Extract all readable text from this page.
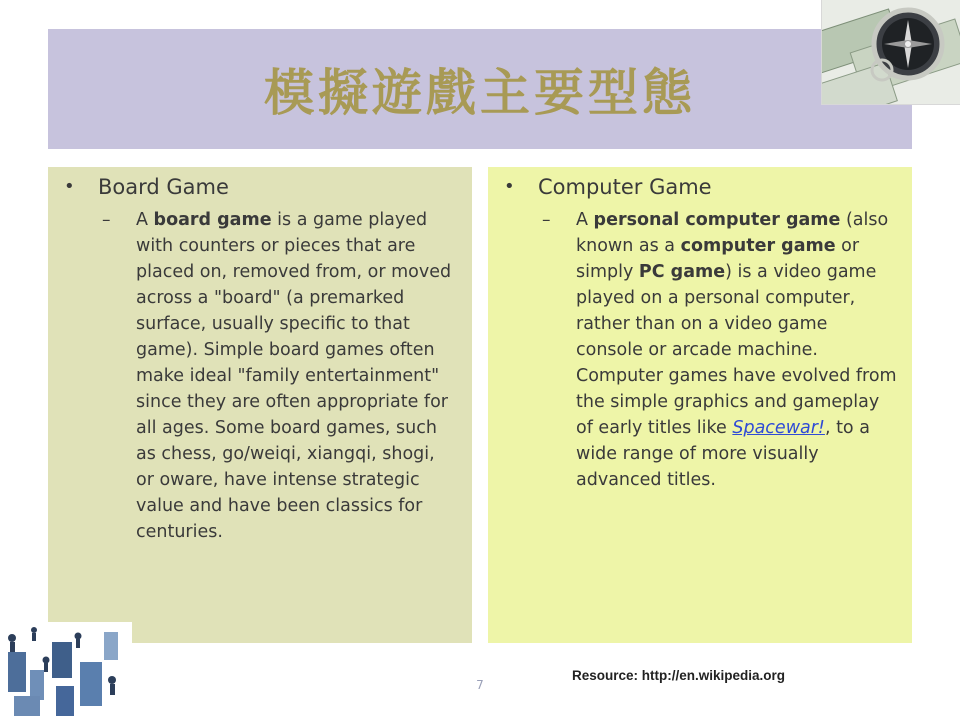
模擬遊戲主要型態
•	Board Game
–	A board game is a game played with counters or pieces that are placed on, removed from, or moved across a "board" (a premarked surface, usually specific to that game). Simple board games often make ideal "family entertainment" since they are often appropriate for all ages. Some board games, such as chess, go/weiqi, xiangqi, shogi, or oware, have intense strategic value and have been classics for centuries.
•	Computer Game
–	A personal computer game (also known as a computer game or simply PC game) is a video game played on a personal computer, rather than on a video game console or arcade machine. Computer games have evolved from the simple graphics and gameplay of early titles like Spacewar!, to a wide range of more visually advanced titles.
7
Resource: http://en.wikipedia.org
